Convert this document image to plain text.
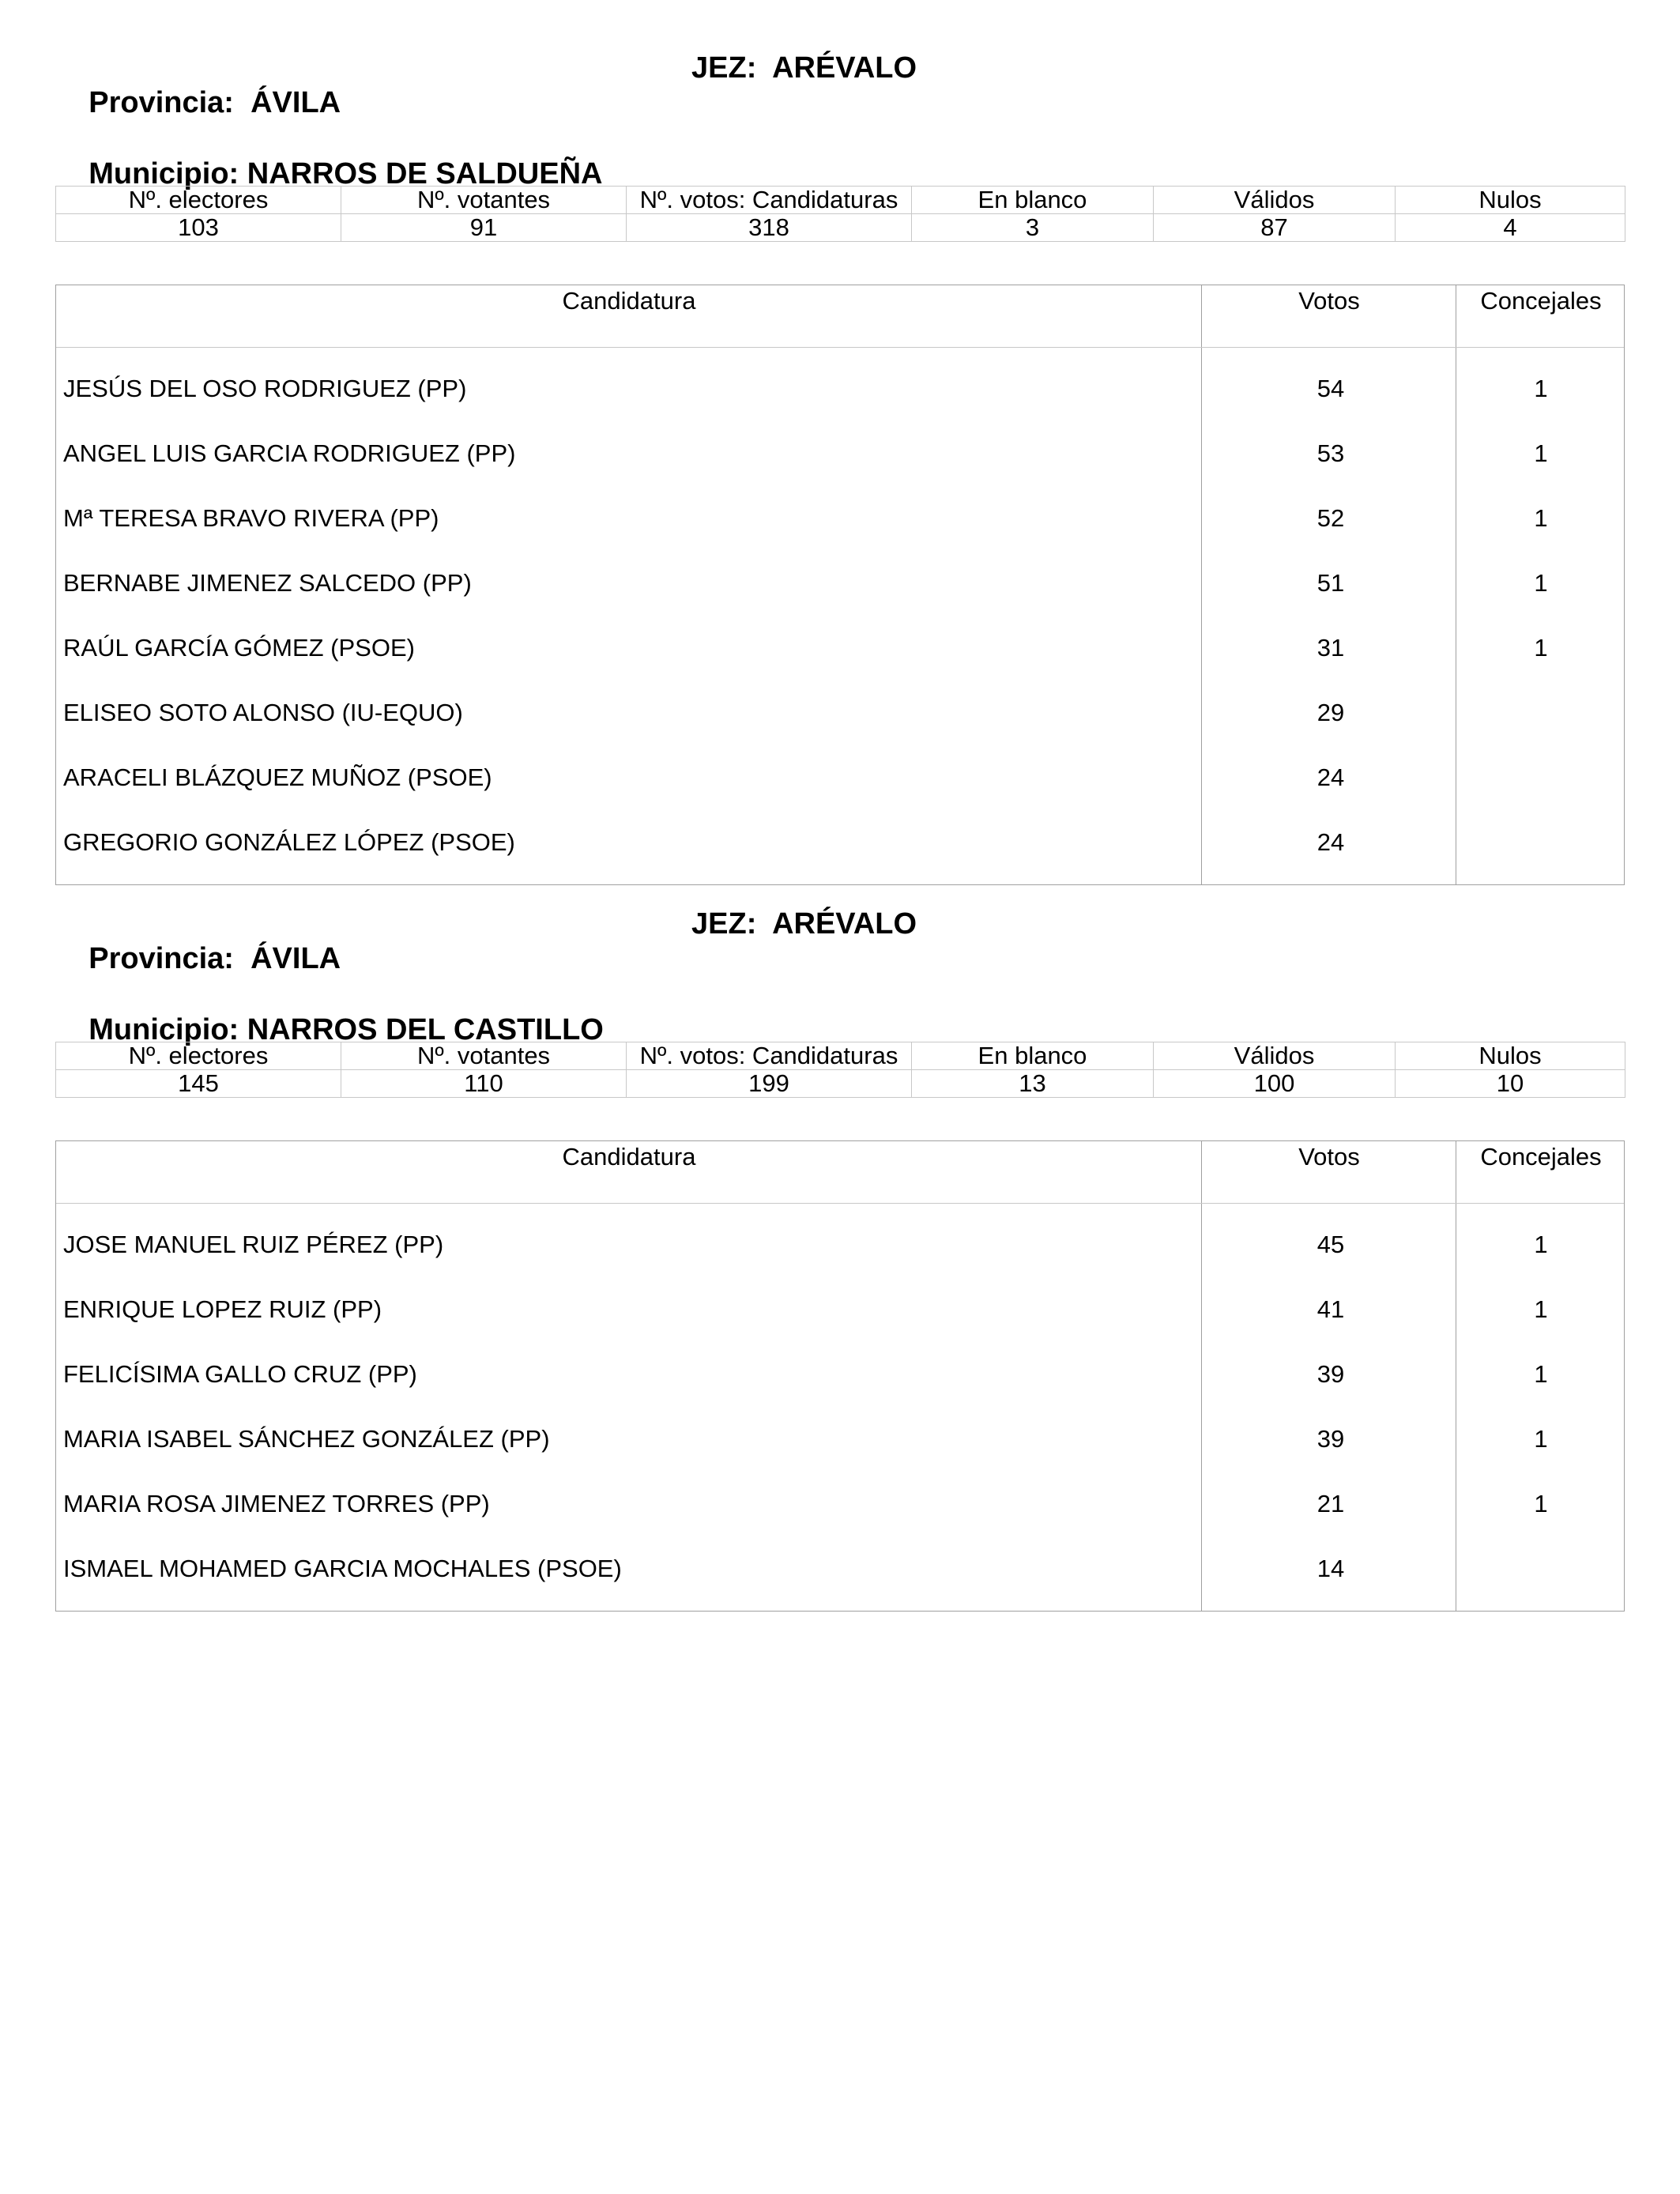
Provincia: ÁVILA

JEZ: ARÉVALO

Municipio: NARROS DE SALDUEÑA

Nº. electores	Nº. votantes	Nº. votos: Candidaturas	En blanco	Válidos	Nulos
103	91	318	3	87	4
Candidatura	Votos	Concejales
JESÚS DEL OSO RODRIGUEZ (PP)	54	1
ANGEL LUIS GARCIA RODRIGUEZ (PP)	53	1
Mª TERESA BRAVO RIVERA (PP)	52	1
BERNABE JIMENEZ SALCEDO (PP)	51	1
RAÚL GARCÍA GÓMEZ (PSOE)	31	1
ELISEO SOTO ALONSO (IU-EQUO)	29
ARACELI BLÁZQUEZ MUÑOZ (PSOE)	24
GREGORIO GONZÁLEZ LÓPEZ (PSOE)	24

Provincia: ÁVILA

JEZ: ARÉVALO

Municipio: NARROS DEL CASTILLO

Nº. electores	Nº. votantes	Nº. votos: Candidaturas	En blanco	Válidos	Nulos
145	110	199	13	100	10
Candidatura	Votos	Concejales
JOSE MANUEL RUIZ PÉREZ (PP)	45	1
ENRIQUE LOPEZ RUIZ (PP)	41	1
FELICÍSIMA GALLO CRUZ (PP)	39	1
MARIA ISABEL SÁNCHEZ GONZÁLEZ (PP)	39	1
MARIA ROSA JIMENEZ TORRES (PP)	21	1
ISMAEL MOHAMED GARCIA MOCHALES (PSOE)	14
